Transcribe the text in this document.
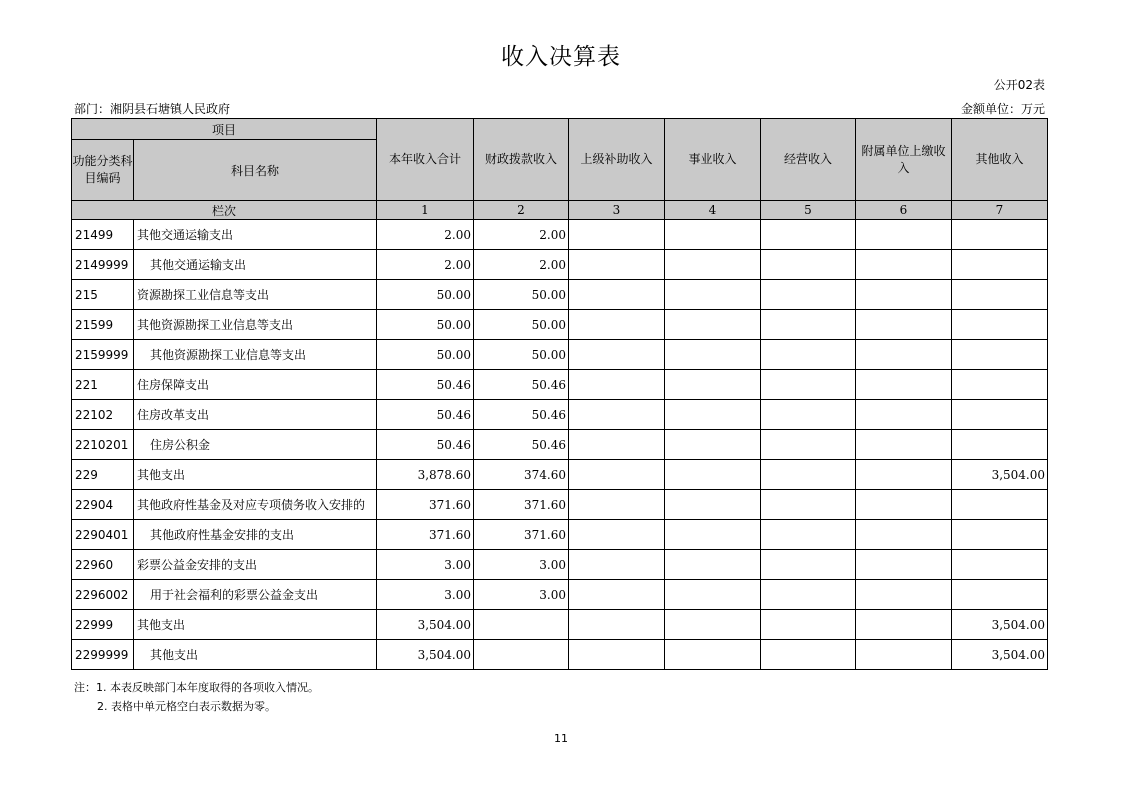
收入决算表
公开02表
部门：湘阴县石塘镇人民政府	金额单位：万元
项目		本年收入合计	财政拨款收入	上级补助收入	事业收入	经营收入	附属单位上缴收入	其他收入
功能分类科目编码	科目名称							
栏次		1	2	3	4	5	6	7
21499	其他交通运输支出	2.00	2.00					
2149999	其他交通运输支出	2.00	2.00					
215	资源勘探工业信息等支出	50.00	50.00					
21599	其他资源勘探工业信息等支出	50.00	50.00					
2159999	其他资源勘探工业信息等支出	50.00	50.00					
221	住房保障支出	50.46	50.46					
22102	住房改革支出	50.46	50.46					
2210201	住房公积金	50.46	50.46					
229	其他支出	3,878.60	374.60					3,504.00
22904	其他政府性基金及对应专项债务收入安排的	371.60	371.60					
2290401	其他政府性基金安排的支出	371.60	371.60					
22960	彩票公益金安排的支出	3.00	3.00					
2296002	用于社会福利的彩票公益金支出	3.00	3.00					
22999	其他支出	3,504.00						3,504.00
2299999	其他支出	3,504.00						3,504.00
注：1. 本表反映部门本年度取得的各项收入情况。
2. 表格中单元格空白表示数据为零。
11
